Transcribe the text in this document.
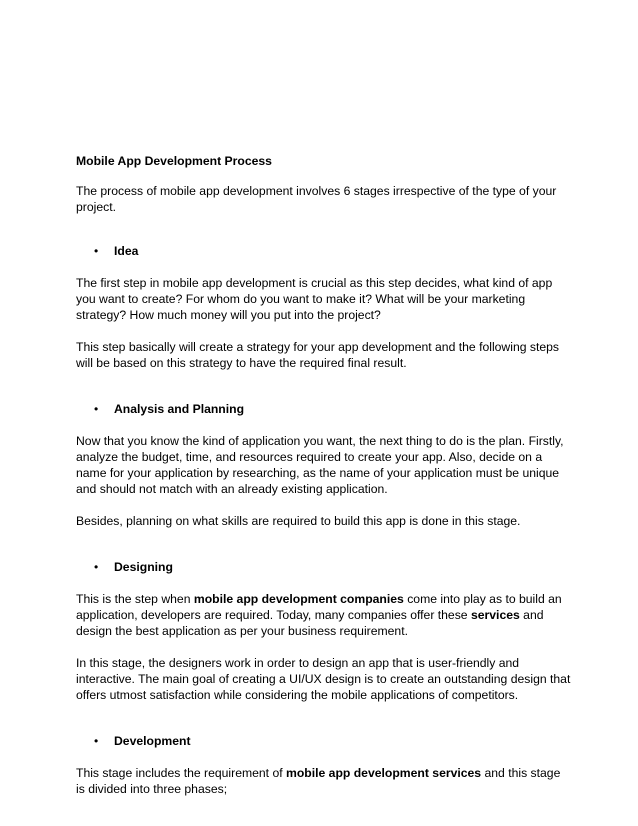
Mobile App Development Process
The process of mobile app development involves 6 stages irrespective of the type of your
project.
• Idea
The first step in mobile app development is crucial as this step decides, what kind of app
you want to create? For whom do you want to make it? What will be your marketing
strategy? How much money will you put into the project?
This step basically will create a strategy for your app development and the following steps
will be based on this strategy to have the required final result.
• Analysis and Planning
Now that you know the kind of application you want, the next thing to do is the plan. Firstly,
analyze the budget, time, and resources required to create your app. Also, decide on a
name for your application by researching, as the name of your application must be unique
and should not match with an already existing application.
Besides, planning on what skills are required to build this app is done in this stage.
• Designing
This is the step when mobile app development companies come into play as to build an
application, developers are required. Today, many companies offer these services and
design the best application as per your business requirement.
In this stage, the designers work in order to design an app that is user-friendly and
interactive. The main goal of creating a UI/UX design is to create an outstanding design that
offers utmost satisfaction while considering the mobile applications of competitors.
• Development
This stage includes the requirement of mobile app development services and this stage
is divided into three phases;
